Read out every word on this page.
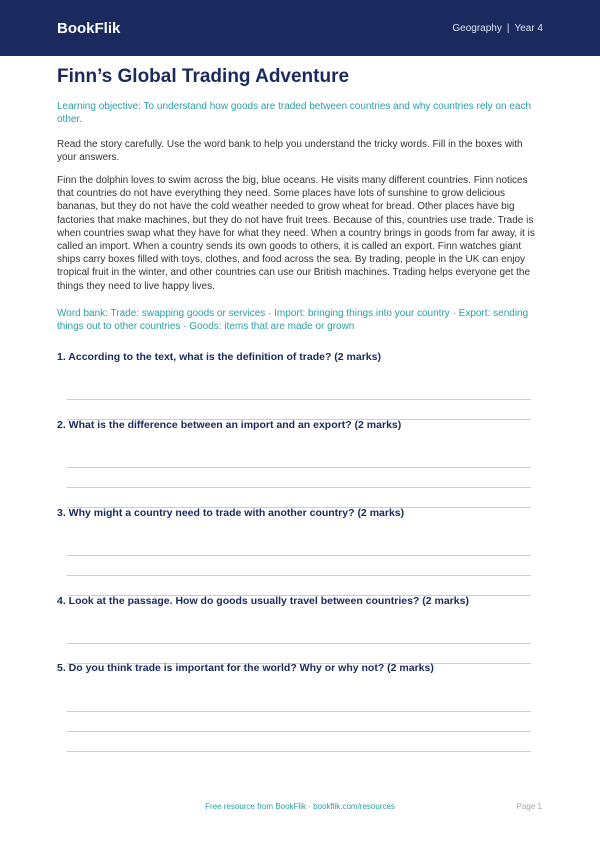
BookFlik	Geography | Year 4
Finn’s Global Trading Adventure
Learning objective: To understand how goods are traded between countries and why countries rely on each other.
Read the story carefully. Use the word bank to help you understand the tricky words. Fill in the boxes with your answers.
Finn the dolphin loves to swim across the big, blue oceans. He visits many different countries. Finn notices that countries do not have everything they need. Some places have lots of sunshine to grow delicious bananas, but they do not have the cold weather needed to grow wheat for bread. Other places have big factories that make machines, but they do not have fruit trees. Because of this, countries use trade. Trade is when countries swap what they have for what they need. When a country brings in goods from far away, it is called an import. When a country sends its own goods to others, it is called an export. Finn watches giant ships carry boxes filled with toys, clothes, and food across the sea. By trading, people in the UK can enjoy tropical fruit in the winter, and other countries can use our British machines. Trading helps everyone get the things they need to live happy lives.
Word bank: Trade: swapping goods or services · Import: bringing things into your country · Export: sending things out to other countries · Goods: items that are made or grown
1. According to the text, what is the definition of trade? (2 marks)
2. What is the difference between an import and an export? (2 marks)
3. Why might a country need to trade with another country? (2 marks)
4. Look at the passage. How do goods usually travel between countries? (2 marks)
5. Do you think trade is important for the world? Why or why not? (2 marks)
Free resource from BookFlik · bookflik.com/resources	Page 1
